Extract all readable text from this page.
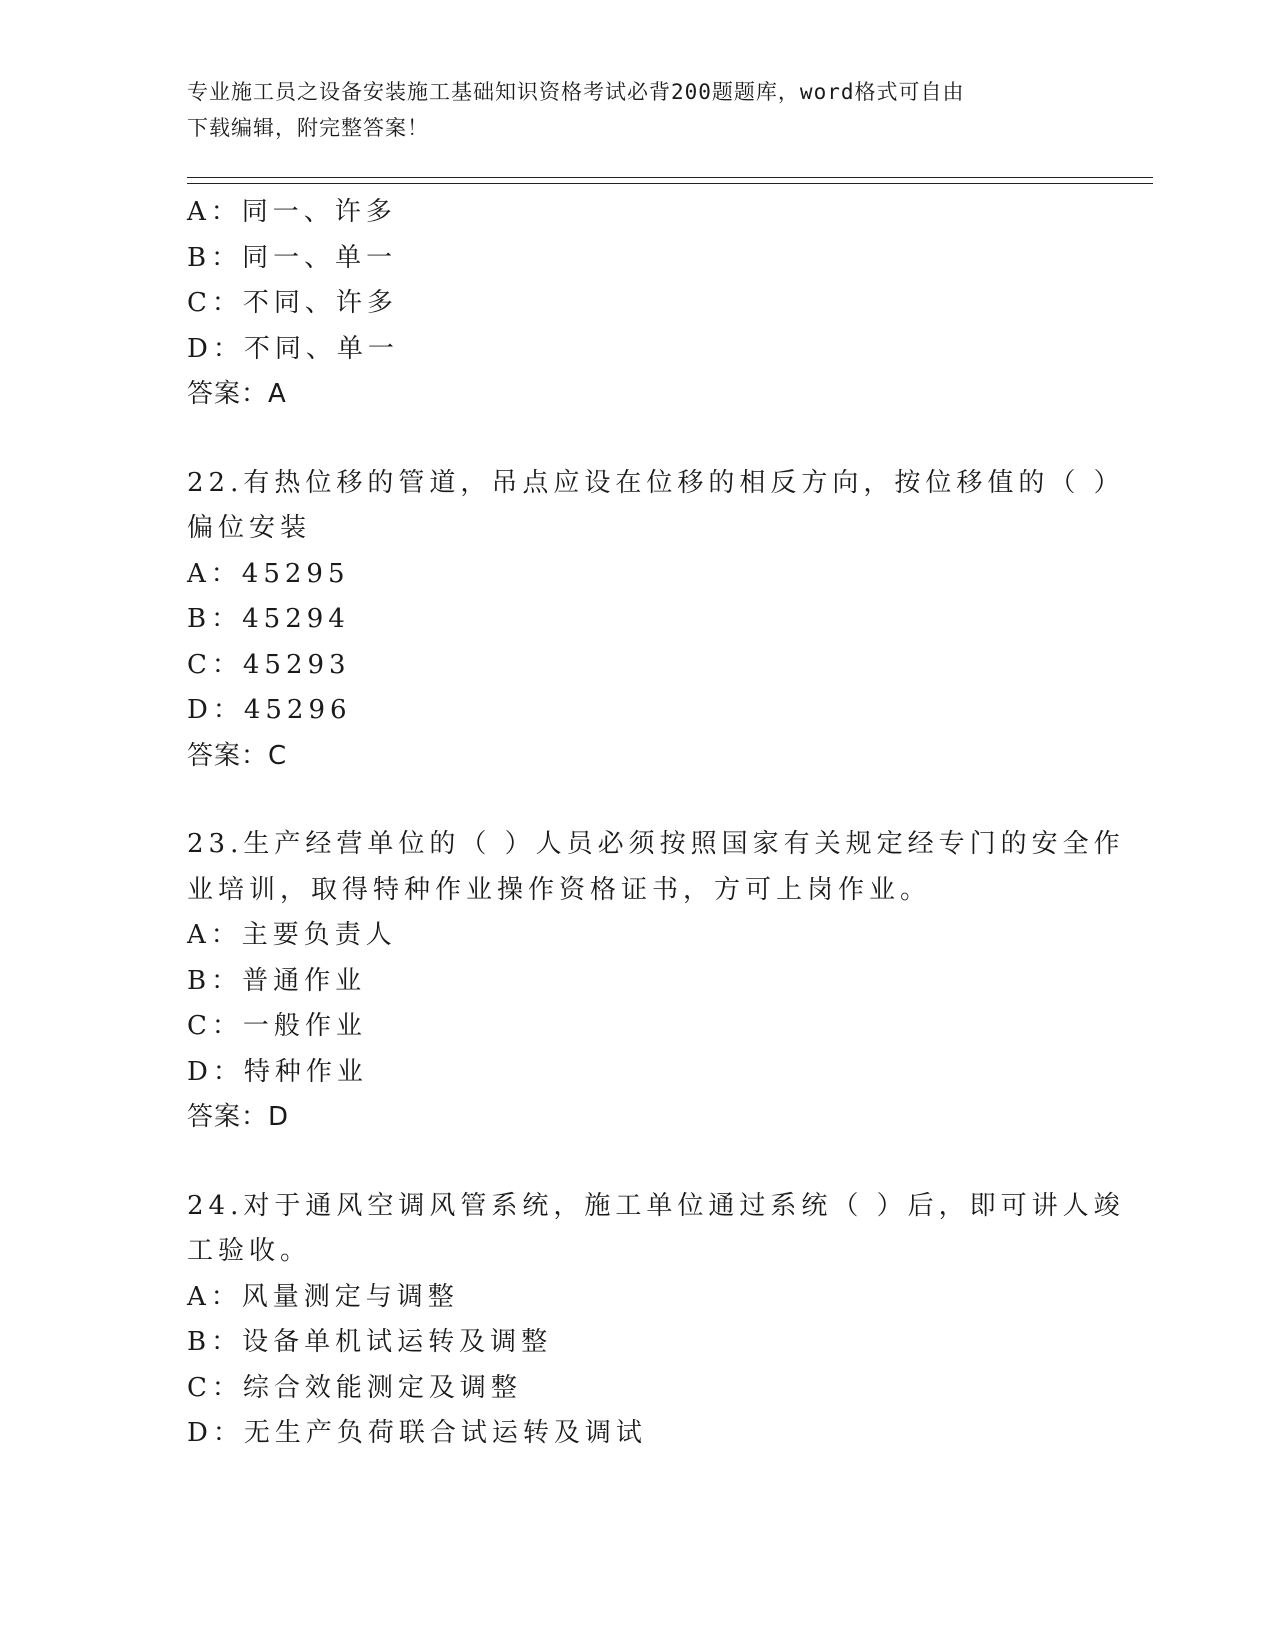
专业施工员之设备安装施工基础知识资格考试必背200题题库，word格式可自由
下载编辑，附完整答案！
A：同一、许多
B：同一、单一
C：不同、许多
D：不同、单一
答案：A
22.有热位移的管道，吊点应设在位移的相反方向，按位移值的（ ）
偏位安装
A：45295
B：45294
C：45293
D：45296
答案：C
23.生产经营单位的（ ）人员必须按照国家有关规定经专门的安全作
业培训，取得特种作业操作资格证书，方可上岗作业。
A：主要负责人
B：普通作业
C：一般作业
D：特种作业
答案：D
24.对于通风空调风管系统，施工单位通过系统（ ）后，即可讲人竣
工验收。
A：风量测定与调整
B：设备单机试运转及调整
C：综合效能测定及调整
D：无生产负荷联合试运转及调试
